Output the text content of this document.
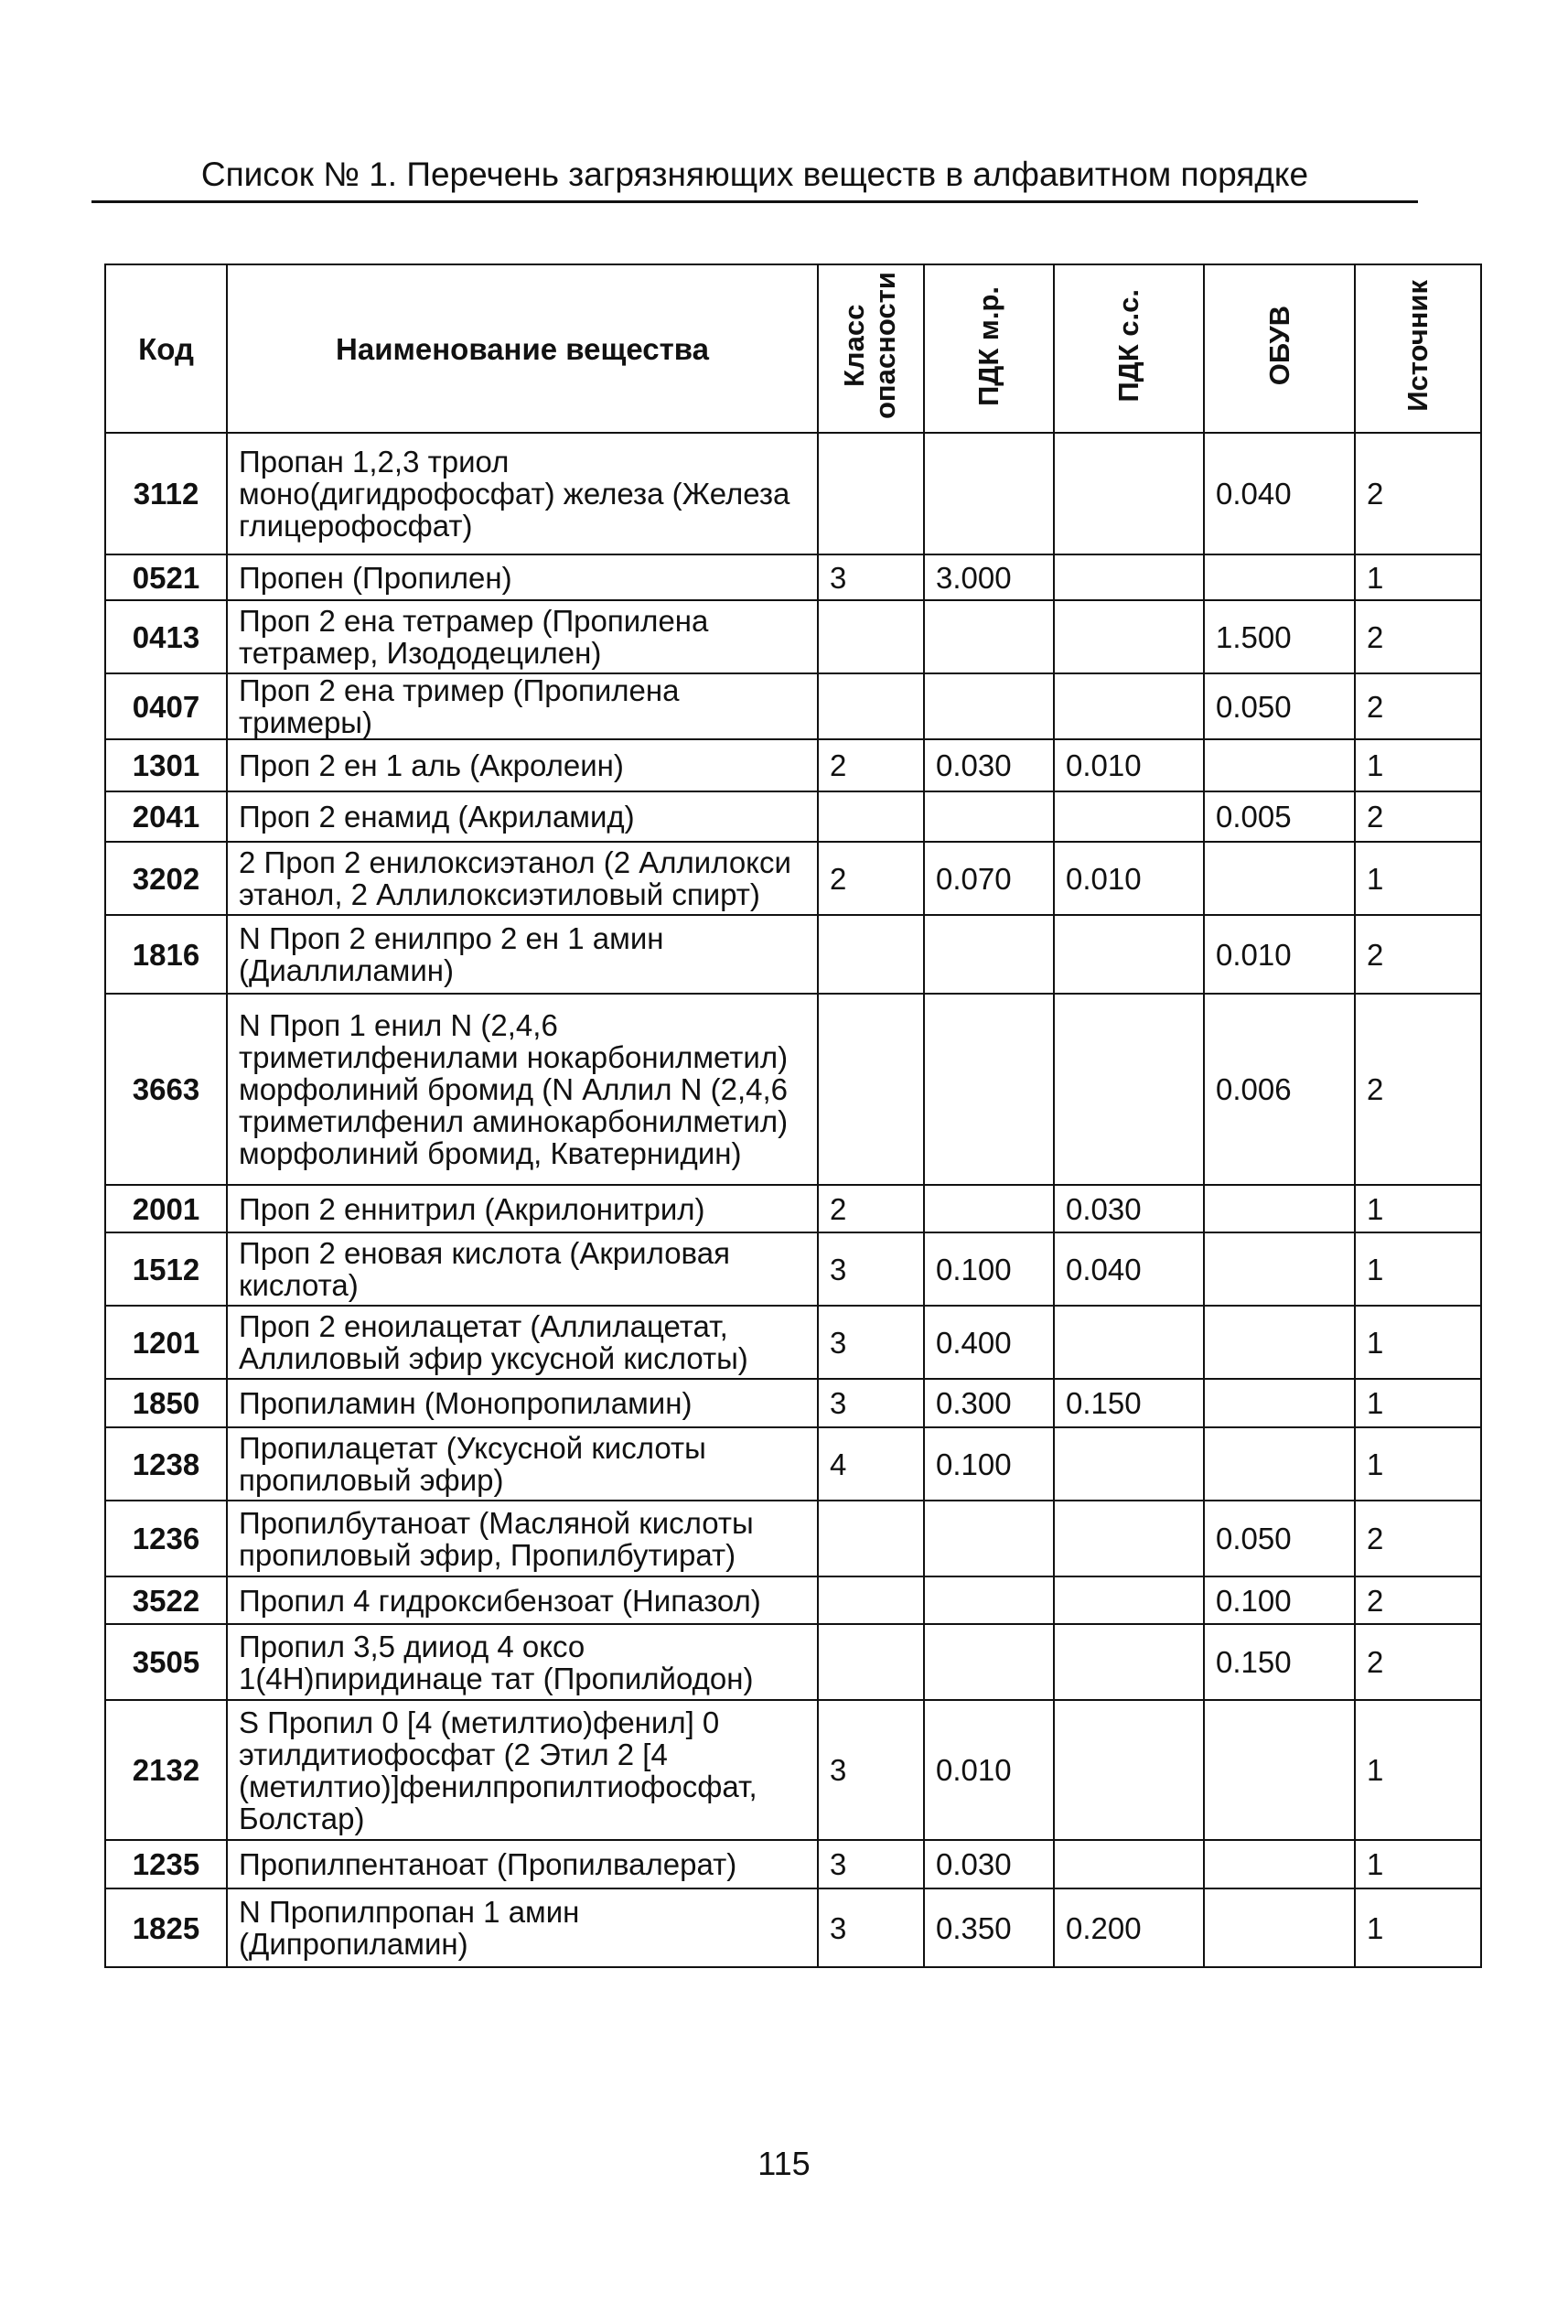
Список № 1. Перечень загрязняющих веществ в алфавитном порядке
Код	Наименование вещества	Класс опасности	ПДК м.р.	ПДК с.с.	ОБУВ	Источник
3112	Пропан 1,2,3 триол моно(дигидрофосфат) железа (Железа глицерофосфат)				0.040	2
0521	Пропен (Пропилен)	3	3.000			1
0413	Проп 2 ена тетрамер (Пропилена тетрамер, Изододецилен)				1.500	2
0407	Проп 2 ена тример (Пропилена тримеры)				0.050	2
1301	Проп 2 ен 1 аль (Акролеин)	2	0.030	0.010		1
2041	Проп 2 енамид (Акриламид)				0.005	2
3202	2 Проп 2 енилоксиэтанол (2 Аллилокси этанол, 2 Аллилоксиэтиловый спирт)	2	0.070	0.010		1
1816	N Проп 2 енилпро 2 ен 1 амин (Диаллиламин)				0.010	2
3663	N Проп 1 енил N (2,4,6 триметилфенилами нокарбонилметил) морфолиний бромид (N Аллил N (2,4,6 триметилфенил аминокарбонилметил) морфолиний бромид, Кватернидин)				0.006	2
2001	Проп 2 еннитрил (Акрилонитрил)	2		0.030		1
1512	Проп 2 еновая кислота (Акриловая кислота)	3	0.100	0.040		1
1201	Проп 2 еноилацетат (Аллилацетат, Аллиловый эфир уксусной кислоты)	3	0.400			1
1850	Пропиламин (Монопропиламин)	3	0.300	0.150		1
1238	Пропилацетат (Уксусной кислоты пропиловый эфир)	4	0.100			1
1236	Пропилбутаноат (Масляной кислоты пропиловый эфир, Пропилбутират)				0.050	2
3522	Пропил 4 гидроксибензоат (Нипазол)				0.100	2
3505	Пропил 3,5 дииод 4 оксо 1(4Н)пиридинаце тат (Пропилйодон)				0.150	2
2132	S Пропил 0 [4 (метилтио)фенил] 0 этилдитиофосфат (2 Этил 2 [4 (метилтио)]фенилпропилтиофосфат, Болстар)	3	0.010			1
1235	Пропилпентаноат (Пропилвалерат)	3	0.030			1
1825	N Пропилпропан 1 амин (Дипропиламин)	3	0.350	0.200		1
115
